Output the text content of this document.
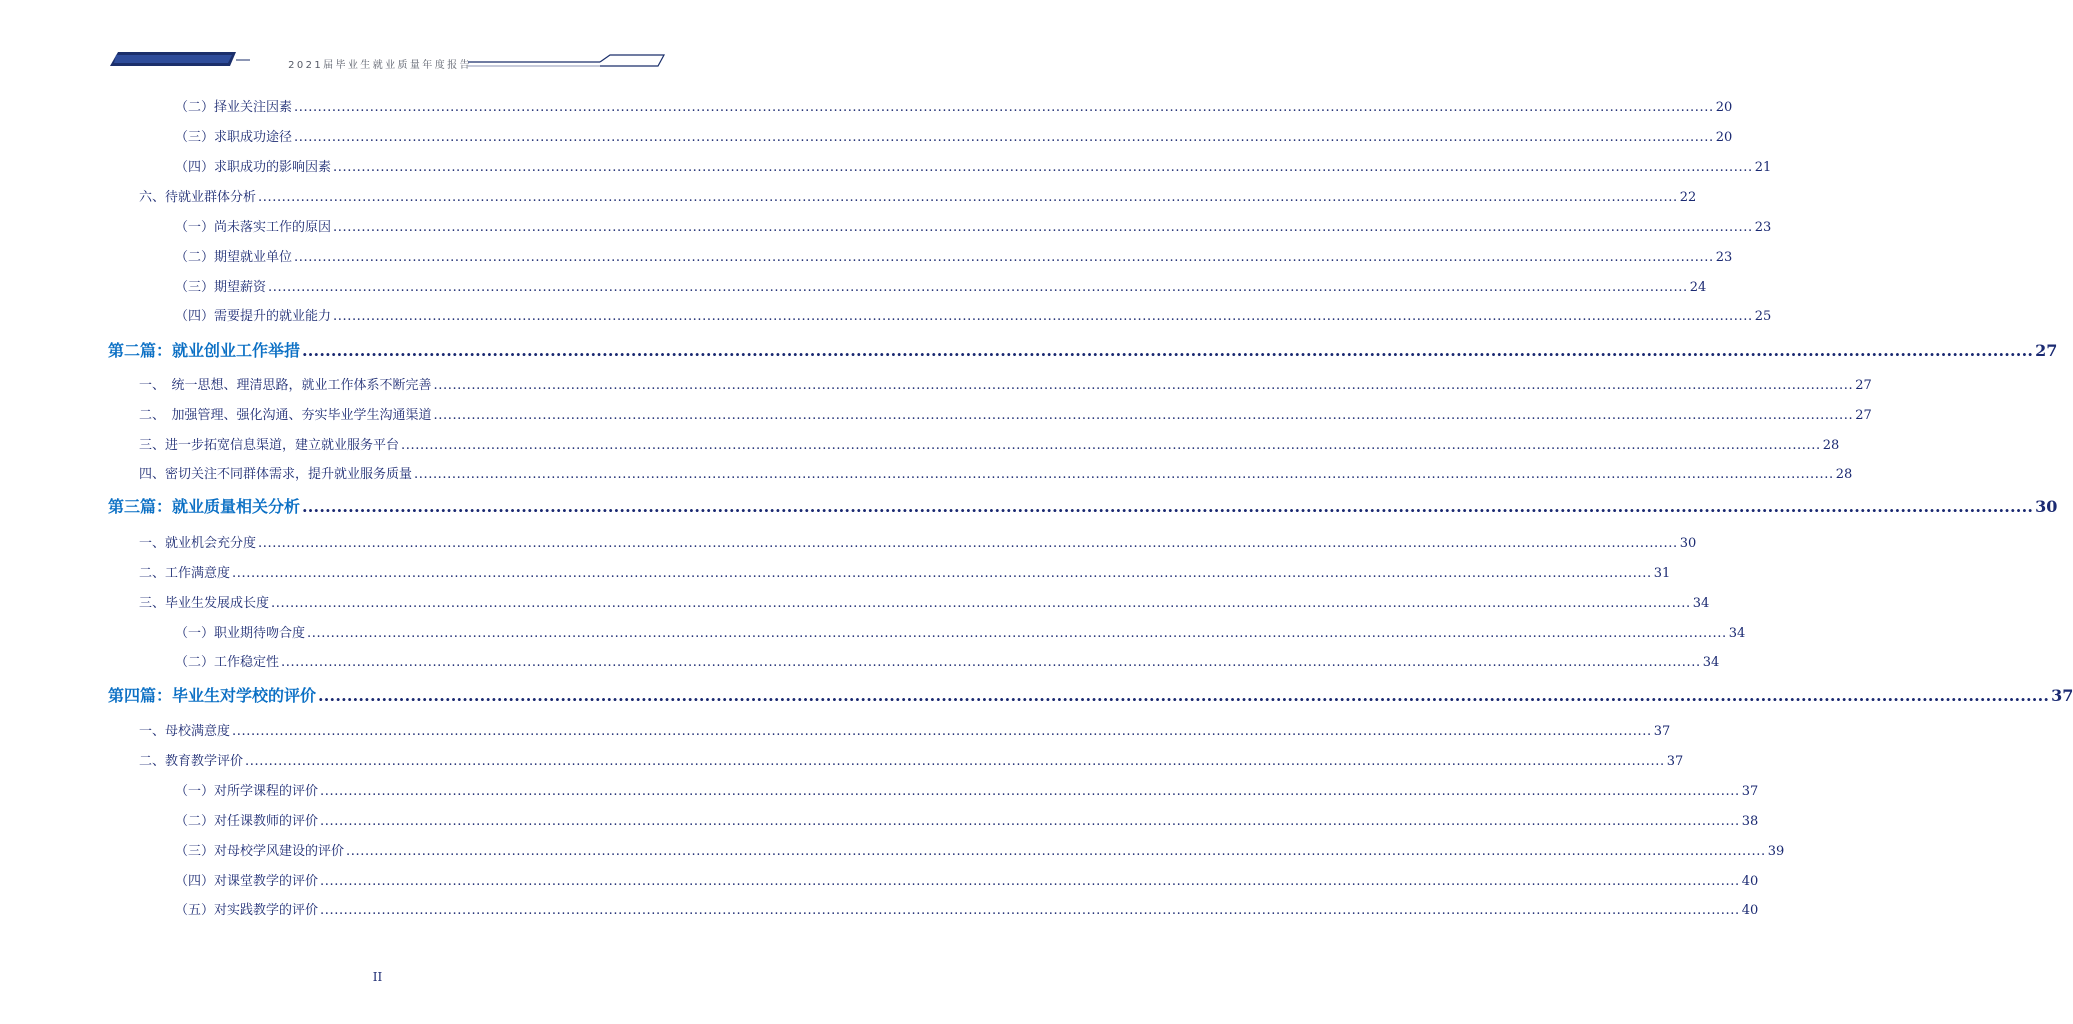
2021届毕业生就业质量年度报告
（二）择业关注因素 ............................................................................................................................................................................................................................................................................................................ 20
（三）求职成功途径 ............................................................................................................................................................................................................................................................................................................ 20
（四）求职成功的影响因素 ............................................................................................................................................................................................................................................................................................................ 21
六、待就业群体分析 ............................................................................................................................................................................................................................................................................................................ 22
（一）尚未落实工作的原因 ............................................................................................................................................................................................................................................................................................................ 23
（二）期望就业单位 ............................................................................................................................................................................................................................................................................................................ 23
（三）期望薪资 ............................................................................................................................................................................................................................................................................................................ 24
（四）需要提升的就业能力 ............................................................................................................................................................................................................................................................................................................ 25
第二篇：就业创业工作举措 ............................................................................................................................................................................................................................................................................................................ 27
一、　统一思想、理清思路，就业工作体系不断完善 ............................................................................................................................................................................................................................................................................................................ 27
二、　加强管理、强化沟通、夯实毕业学生沟通渠道 ............................................................................................................................................................................................................................................................................................................ 27
三、进一步拓宽信息渠道，建立就业服务平台 ............................................................................................................................................................................................................................................................................................................ 28
四、密切关注不同群体需求，提升就业服务质量 ............................................................................................................................................................................................................................................................................................................ 28
第三篇：就业质量相关分析 ............................................................................................................................................................................................................................................................................................................ 30
一、就业机会充分度 ............................................................................................................................................................................................................................................................................................................ 30
二、工作满意度 ............................................................................................................................................................................................................................................................................................................ 31
三、毕业生发展成长度 ............................................................................................................................................................................................................................................................................................................ 34
（一）职业期待吻合度 ............................................................................................................................................................................................................................................................................................................ 34
（二）工作稳定性 ............................................................................................................................................................................................................................................................................................................ 34
第四篇：毕业生对学校的评价 ............................................................................................................................................................................................................................................................................................................ 37
一、母校满意度 ............................................................................................................................................................................................................................................................................................................ 37
二、教育教学评价 ............................................................................................................................................................................................................................................................................................................ 37
（一）对所学课程的评价 ............................................................................................................................................................................................................................................................................................................ 37
（二）对任课教师的评价 ............................................................................................................................................................................................................................................................................................................ 38
（三）对母校学风建设的评价 ............................................................................................................................................................................................................................................................................................................ 39
（四）对课堂教学的评价 ............................................................................................................................................................................................................................................................................................................ 40
（五）对实践教学的评价 ............................................................................................................................................................................................................................................................................................................ 40
II
